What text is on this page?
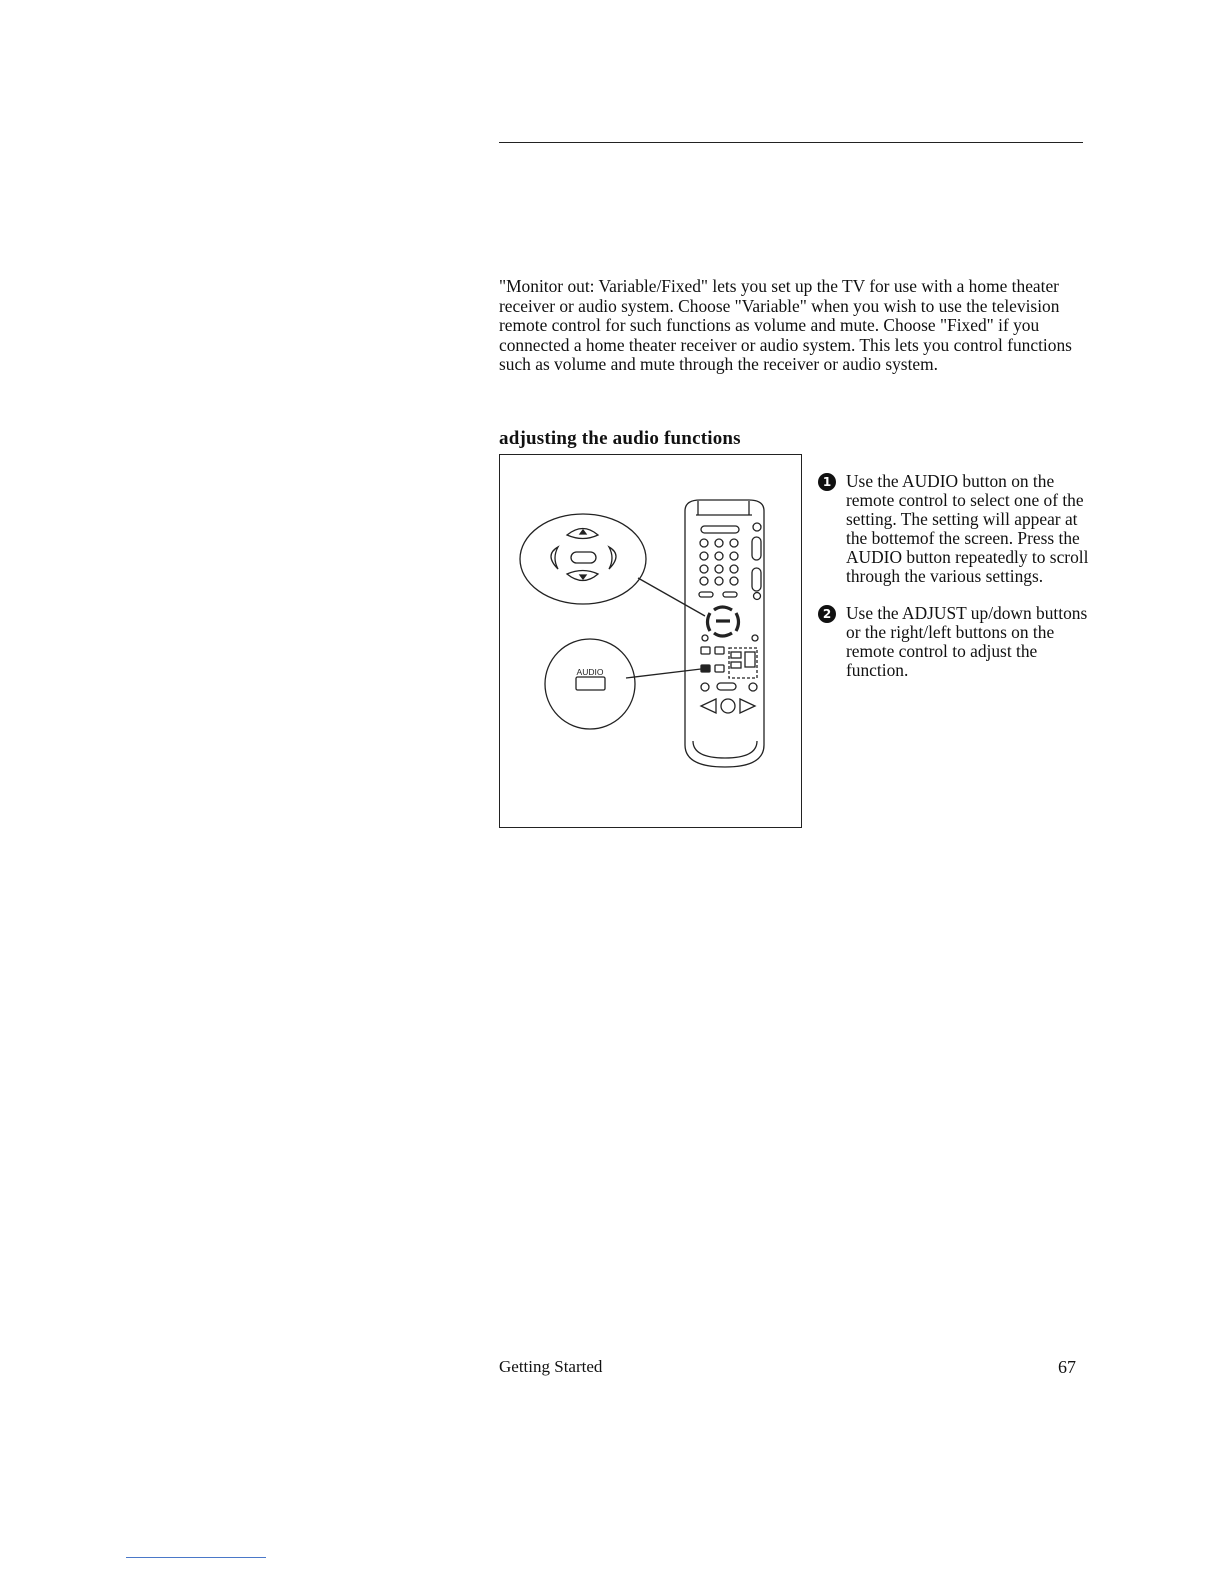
"Monitor out: Variable/Fixed" lets you set up the TV for use with a home theater receiver or audio system. Choose "Variable" when you wish to use the television remote control for such functions as volume and mute. Choose "Fixed" if you connected a home theater receiver or audio system. This lets you control functions such as volume and mute through the receiver or audio system.

adjusting the audio functions
AUDIO
1 Use the AUDIO button on the remote control to select one of the setting. The setting will appear at the bottemof the screen. Press the AUDIO button repeatedly to scroll through the various settings.
2 Use the ADJUST up/down buttons or the right/left buttons on the remote control to adjust the function.
Getting Started	67
